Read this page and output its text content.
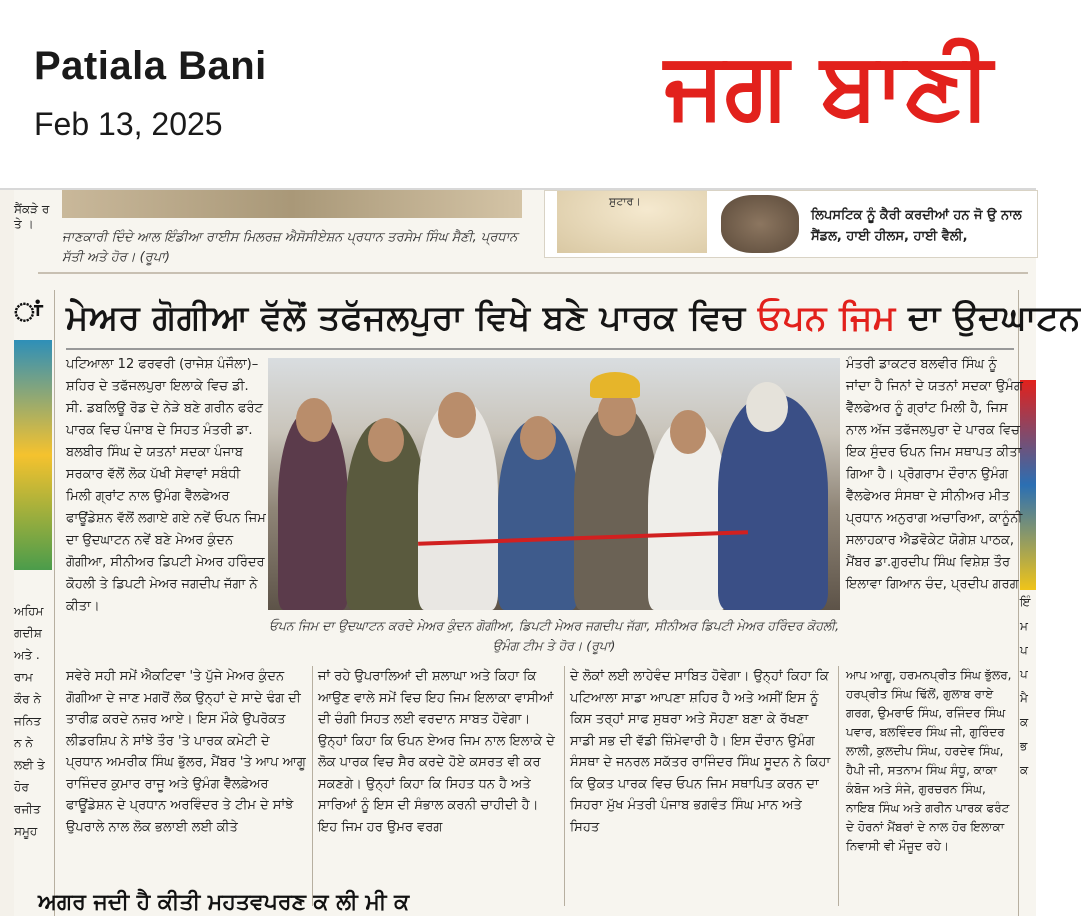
Patiala Bani
Feb 13, 2025	ਜਗ ਬਾਣੀ
ਸੈਂਕੜੇ ਰ ਤੇ ।
ਜਾਣਕਾਰੀ ਦਿੰਦੇ ਆਲ ਇੰਡੀਆ ਰਾਈਸ ਮਿਲਰਜ਼ ਐਸੋਸੀਏਸ਼ਨ ਪ੍ਰਧਾਨ ਤਰਸੇਮ ਸਿੰਘ ਸੈਣੀ, ਪ੍ਰਧਾਨ ਸੱਤੀ ਅਤੇ ਹੋਰ। (ਰੂਪਾ)
ਸੁਟਾਰ।
ਲਿਪਸਟਿਕ ਨੂੰ ਕੈਰੀ ਕਰਦੀਆਂ ਹਨ ਜੋ ਉ ਨਾਲ ਸੈਂਡਲ, ਹਾਈ ਹੀਲਸ, ਹਾਈ ਵੈਲੀ,
ਾਂ
ਅਹਿਮ ਗਦੀਸ਼ ਅਤੇ . ਰਾਮ ਕੌਰ ਨੇ ਜਨਿਤ ਨ ਨੇ ਲਈ ਤੇ ਹੋਰ ਰਜੀਤ ਸਮੂਹ
ਇੰ ਮ ਪ ਪ ਮੈ ਕ ਭ ਕ
ਮੇਅਰ ਗੋਗੀਆ ਵੱਲੋਂ ਤਫੱਜਲਪੁਰਾ ਵਿਖੇ ਬਣੇ ਪਾਰਕ ਵਿਚ ਓਪਨ ਜਿਮ ਦਾ ਉਦਘਾਟਨ
ਪਟਿਆਲਾ 12 ਫਰਵਰੀ (ਰਾਜੇਸ਼ ਪੰਜੌਲਾ)–ਸ਼ਹਿਰ ਦੇ ਤਫੱਜਲਪੁਰਾ ਇਲਾਕੇ ਵਿਚ ਡੀ. ਸੀ. ਡਬਲਿਊ ਰੋਡ ਦੇ ਨੇੜੇ ਬਣੇ ਗਰੀਨ ਫਰੰਟ ਪਾਰਕ ਵਿਚ ਪੰਜਾਬ ਦੇ ਸਿਹਤ ਮੰਤਰੀ ਡਾ. ਬਲਬੀਰ ਸਿੰਘ ਦੇ ਯਤਨਾਂ ਸਦਕਾ ਪੰਜਾਬ ਸਰਕਾਰ ਵੱਲੋਂ ਲੋਕ ਪੱਖੀ ਸੇਵਾਵਾਂ ਸਬੰਧੀ ਮਿਲੀ ਗ੍ਰਾਂਟ ਨਾਲ ਉਮੰਗ ਵੈੱਲਫੇਅਰ ਫਾਊਂਡੇਸ਼ਨ ਵੱਲੋਂ ਲਗਾਏ ਗਏ ਨਵੇਂ ਓਪਨ ਜਿਮ ਦਾ ਉਦਘਾਟਨ ਨਵੇਂ ਬਣੇ ਮੇਅਰ ਕੁੰਦਨ ਗੋਗੀਆ, ਸੀਨੀਅਰ ਡਿਪਟੀ ਮੇਅਰ ਹਰਿੰਦਰ ਕੋਹਲੀ ਤੇ ਡਿਪਟੀ ਮੇਅਰ ਜਗਦੀਪ ਜੱਗਾ ਨੇ ਕੀਤਾ।
ਓਪਨ ਜਿਮ ਦਾ ਉਦਘਾਟਨ ਕਰਦੇ ਮੇਅਰ ਕੁੰਦਨ ਗੋਗੀਆ, ਡਿਪਟੀ ਮੇਅਰ ਜਗਦੀਪ ਜੱਗਾ, ਸੀਨੀਅਰ ਡਿਪਟੀ ਮੇਅਰ ਹਰਿੰਦਰ ਕੋਹਲੀ, ਉਮੰਗ ਟੀਮ ਤੇ ਹੋਰ। (ਰੂਪਾ)
ਮੰਤਰੀ ਡਾਕਟਰ ਬਲਵੀਰ ਸਿੰਘ ਨੂੰ ਜਾਂਦਾ ਹੈ ਜਿਨਾਂ ਦੇ ਯਤਨਾਂ ਸਦਕਾ ਉਮੰਗ ਵੈੱਲਫੇਅਰ ਨੂੰ ਗ੍ਰਾਂਟ ਮਿਲੀ ਹੈ, ਜਿਸ ਨਾਲ ਅੱਜ ਤਫੱਜਲਪੁਰਾ ਦੇ ਪਾਰਕ ਵਿਚ ਇਕ ਸੁੰਦਰ ਓਪਨ ਜਿਮ ਸਥਾਪਤ ਕੀਤਾ ਗਿਆ ਹੈ। ਪ੍ਰੋਗਰਾਮ ਦੌਰਾਨ ਉਮੰਗ ਵੈੱਲਫੇਅਰ ਸੰਸਥਾ ਦੇ ਸੀਨੀਅਰ ਮੀਤ ਪ੍ਰਧਾਨ ਅਨੁਰਾਗ ਅਚਾਰਿਆ, ਕਾਨੂੰਨੀ ਸਲਾਹਕਾਰ ਐਡਵੋਕੇਟ ਯੋਗੇਸ਼ ਪਾਠਕ, ਮੈਂਬਰ ਡਾ.ਗੁਰਦੀਪ ਸਿੰਘ ਵਿਸ਼ੇਸ਼ ਤੌਰ ਇਲਾਵਾ ਗਿਆਨ ਚੰਦ, ਪ੍ਰਦੀਪ ਗਰਗ
ਸਵੇਰੇ ਸਹੀ ਸਮੇਂ ਐਕਟਿਵਾ 'ਤੇ ਪੁੱਜੇ ਮੇਅਰ ਕੁੰਦਨ ਗੋਗੀਆ ਦੇ ਜਾਣ ਮਗਰੋਂ ਲੋਕ ਉਨ੍ਹਾਂ ਦੇ ਸਾਦੇ ਢੰਗ ਦੀ ਤਾਰੀਫ਼ ਕਰਦੇ ਨਜ਼ਰ ਆਏ। ਇਸ ਮੌਕੇ ਉਪਰੋਕਤ ਲੀਡਰਸ਼ਿਪ ਨੇ ਸਾਂਝੇ ਤੌਰ 'ਤੇ ਪਾਰਕ ਕਮੇਟੀ ਦੇ ਪ੍ਰਧਾਨ ਅਮਰੀਕ ਸਿੰਘ ਭੁੱਲਰ, ਮੈਂਬਰ 'ਤੇ ਆਪ ਆਗੂ ਰਾਜਿੰਦਰ ਕੁਮਾਰ ਰਾਜੂ ਅਤੇ ਉਮੰਗ ਵੈੱਲਫ਼ੇਅਰ ਫਾਊਂਡੇਸ਼ਨ ਦੇ ਪ੍ਰਧਾਨ ਅਰਵਿੰਦਰ ਤੇ ਟੀਮ ਦੇ ਸਾਂਝੇ ਉਪਰਾਲੇ ਨਾਲ ਲੋਕ ਭਲਾਈ ਲਈ ਕੀਤੇ
ਜਾਂ ਰਹੇ ਉਪਰਾਲਿਆਂ ਦੀ ਸ਼ਲਾਘਾ ਅਤੇ ਕਿਹਾ ਕਿ ਆਉਣ ਵਾਲੇ ਸਮੇਂ ਵਿਚ ਇਹ ਜਿਮ ਇਲਾਕਾ ਵਾਸੀਆਂ ਦੀ ਚੰਗੀ ਸਿਹਤ ਲਈ ਵਰਦਾਨ ਸਾਬਤ ਹੋਵੇਗਾ। ਉਨ੍ਹਾਂ ਕਿਹਾ ਕਿ ਓਪਨ ਏਅਰ ਜਿਮ ਨਾਲ ਇਲਾਕੇ ਦੇ ਲੋਕ ਪਾਰਕ ਵਿਚ ਸੈਰ ਕਰਦੇ ਹੋਏ ਕਸਰਤ ਵੀ ਕਰ ਸਕਣਗੇ। ਉਨ੍ਹਾਂ ਕਿਹਾ ਕਿ ਸਿਹਤ ਧਨ ਹੈ ਅਤੇ ਸਾਰਿਆਂ ਨੂੰ ਇਸ ਦੀ ਸੰਭਾਲ ਕਰਨੀ ਚਾਹੀਦੀ ਹੈ। ਇਹ ਜਿਮ ਹਰ ਉਮਰ ਵਰਗ
ਦੇ ਲੋਕਾਂ ਲਈ ਲਾਹੇਵੰਦ ਸਾਬਿਤ ਹੋਵੇਗਾ। ਉਨ੍ਹਾਂ ਕਿਹਾ ਕਿ ਪਟਿਆਲਾ ਸਾਡਾ ਆਪਣਾ ਸ਼ਹਿਰ ਹੈ ਅਤੇ ਅਸੀਂ ਇਸ ਨੂੰ ਕਿਸ ਤਰ੍ਹਾਂ ਸਾਫ ਸੁਥਰਾ ਅਤੇ ਸੋਹਣਾ ਬਣਾ ਕੇ ਰੱਖਣਾ ਸਾਡੀ ਸਭ ਦੀ ਵੱਡੀ ਜ਼ਿੰਮੇਵਾਰੀ ਹੈ। ਇਸ ਦੌਰਾਨ ਉਮੰਗ ਸੰਸਥਾ ਦੇ ਜਨਰਲ ਸਕੱਤਰ ਰਾਜਿੰਦਰ ਸਿੰਘ ਸੂਦਨ ਨੇ ਕਿਹਾ ਕਿ ਉਕਤ ਪਾਰਕ ਵਿਚ ਓਪਨ ਜਿਮ ਸਥਾਪਿਤ ਕਰਨ ਦਾ ਸਿਹਰਾ ਮੁੱਖ ਮੰਤਰੀ ਪੰਜਾਬ ਭਗਵੰਤ ਸਿੰਘ ਮਾਨ ਅਤੇ ਸਿਹਤ
ਆਪ ਆਗੂ, ਹਰਮਨਪ੍ਰੀਤ ਸਿੰਘ ਭੁੱਲਰ, ਹਰਪ੍ਰੀਤ ਸਿੰਘ ਢਿੱਲੋਂ, ਗੁਲਾਬ ਰਾਏ ਗਰਗ, ਉਮਰਾਓ ਸਿੰਘ, ਰਜਿੰਦਰ ਸਿੰਘ ਪਵਾਰ, ਬਲਵਿੰਦਰ ਸਿੰਘ ਜੀ, ਗੁਰਿੰਦਰ ਲਾਲੀ, ਕੁਲਦੀਪ ਸਿੰਘ, ਹਰਦੇਵ ਸਿੰਘ, ਹੈਪੀ ਜੀ, ਸਤਨਾਮ ਸਿੰਘ ਸੰਧੂ, ਕਾਕਾ ਕੰਬੋਜ ਅਤੇ ਸੰਜੇ, ਗੁਰਚਰਨ ਸਿੰਘ, ਨਾਇਬ ਸਿੰਘ ਅਤੇ ਗਰੀਨ ਪਾਰਕ ਫਰੰਟ ਦੇ ਹੋਰਨਾਂ ਮੈਂਬਰਾਂ ਦੇ ਨਾਲ ਹੋਰ ਇਲਾਕਾ ਨਿਵਾਸੀ ਵੀ ਮੌਜੂਦ ਰਹੇ।
ਅਗਰ ਜਦੀ ਹੈ ਕੀਤੀ ਮਹਤਵਪਰਣ ਕ ਲੀ ਮੀ ਕ
